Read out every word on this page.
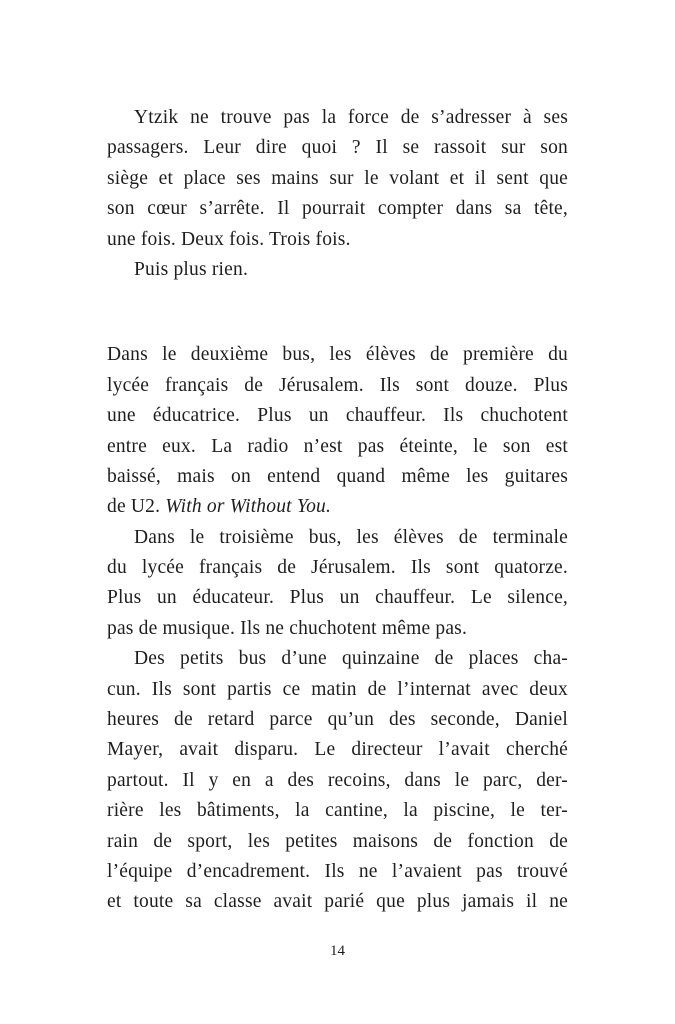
Ytzik ne trouve pas la force de s’adresser à ses
passagers. Leur dire quoi ? Il se rassoit sur son
siège et place ses mains sur le volant et il sent que
son cœur s’arrête. Il pourrait compter dans sa tête,
une fois. Deux fois. Trois fois.
Puis plus rien.
Dans le deuxième bus, les élèves de première du
lycée français de Jérusalem. Ils sont douze. Plus
une éducatrice. Plus un chauffeur. Ils chuchotent
entre eux. La radio n’est pas éteinte, le son est
baissé, mais on entend quand même les guitares
de U2. With or Without You.
Dans le troisième bus, les élèves de terminale
du lycée français de Jérusalem. Ils sont quatorze.
Plus un éducateur. Plus un chauffeur. Le silence,
pas de musique. Ils ne chuchotent même pas.
Des petits bus d’une quinzaine de places cha-
cun. Ils sont partis ce matin de l’internat avec deux
heures de retard parce qu’un des seconde, Daniel
Mayer, avait disparu. Le directeur l’avait cherché
partout. Il y en a des recoins, dans le parc, der-
rière les bâtiments, la cantine, la piscine, le ter-
rain de sport, les petites maisons de fonction de
l’équipe d’encadrement. Ils ne l’avaient pas trouvé
et toute sa classe avait parié que plus jamais il ne
14
